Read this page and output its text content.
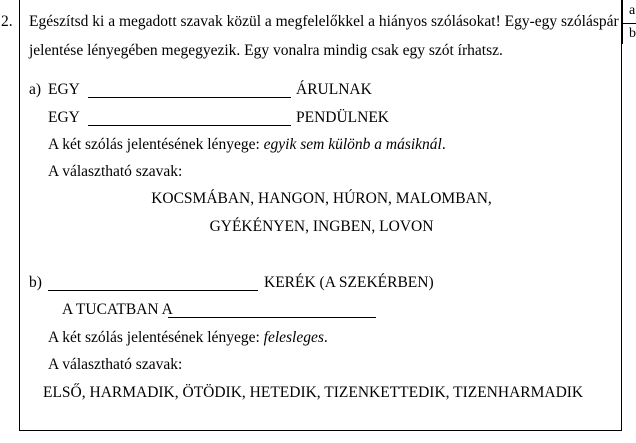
a
b
2. Egészítsd ki a megadott szavak közül a megfelelőkkel a hiányos szólásokat! Egy-egy szóláspár
jelentése lényegében megegyezik. Egy vonalra mindig csak egy szót írhatsz.
a) EGY	ÁRULNAK
EGY	PENDÜLNEK
A két szólás jelentésének lényege: egyik sem különb a másiknál.
A választható szavak:
KOCSMÁBAN, HANGON, HÚRON, MALOMBAN,
GYÉKÉNYEN, INGBEN, LOVON
b)	KERÉK (A SZEKÉRBEN)
A TUCATBAN A
A két szólás jelentésének lényege: felesleges.
A választható szavak:
ELSŐ, HARMADIK, ÖTÖDIK, HETEDIK, TIZENKETTEDIK, TIZENHARMADIK
